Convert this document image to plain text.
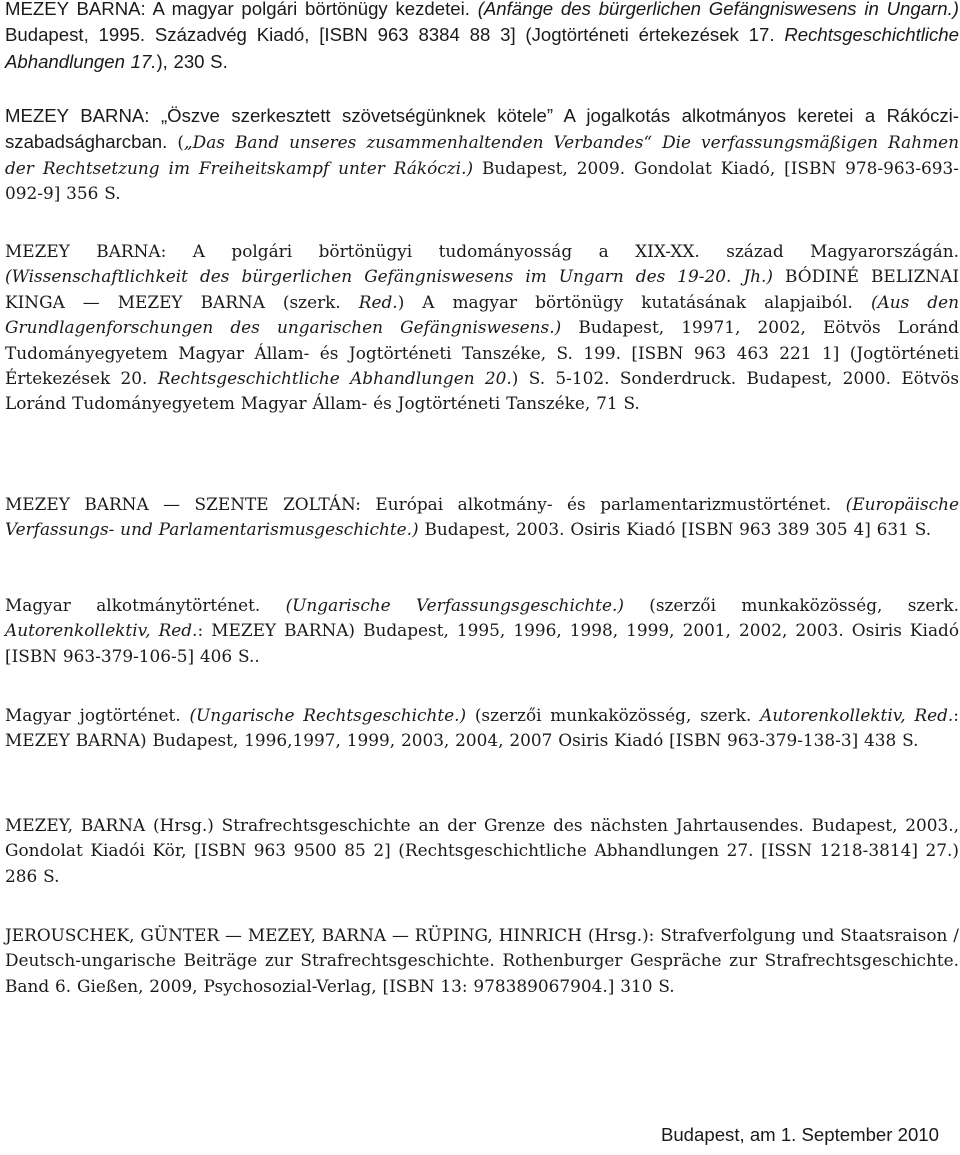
MEZEY BARNA: A magyar polgári börtönügy kezdetei. (Anfänge des bürgerlichen Gefängniswesens in Ungarn.) Budapest, 1995. Századvég Kiadó, [ISBN 963 8384 88 3] (Jogtörténeti értekezések 17. Rechtsgeschichtliche Abhandlungen 17.), 230 S.

MEZEY BARNA: „Öszve szerkesztett szövetségünknek kötele” A jogalkotás alkotmányos keretei a Rákóczi-szabadságharcban. („Das Band unseres zusammenhaltenden Verbandes“ Die verfassungsmäßigen Rahmen der Rechtsetzung im Freiheitskampf unter Rákóczi.) Budapest, 2009. Gondolat Kiadó, [ISBN 978-963-693-092-9] 356 S.

MEZEY BARNA: A polgári börtönügyi tudományosság a XIX-XX. század Magyarországán. (Wissenschaftlichkeit des bürgerlichen Gefängniswesens im Ungarn des 19-20. Jh.) BÓDINÉ BELIZNAI KINGA — MEZEY BARNA (szerk. Red.) A magyar börtönügy kutatásának alapjaiból. (Aus den Grundlagenforschungen des ungarischen Gefängniswesens.) Budapest, 19971, 2002, Eötvös Loránd Tudományegyetem Magyar Állam- és Jogtörténeti Tanszéke, S. 199. [ISBN 963 463 221 1] (Jogtörténeti Értekezések 20. Rechtsgeschichtliche Abhandlungen 20.) S. 5-102. Sonderdruck. Budapest, 2000. Eötvös Loránd Tudományegyetem Magyar Állam- és Jogtörténeti Tanszéke, 71 S.

MEZEY BARNA — SZENTE ZOLTÁN: Európai alkotmány- és parlamentarizmustörténet. (Europäische Verfassungs- und Parlamentarismusgeschichte.) Budapest, 2003. Osiris Kiadó [ISBN 963 389 305 4] 631 S.

Magyar alkotmánytörténet. (Ungarische Verfassungsgeschichte.) (szerzői munkaközösség, szerk. Autorenkollektiv, Red.: MEZEY BARNA) Budapest, 1995, 1996, 1998, 1999, 2001, 2002, 2003. Osiris Kiadó [ISBN 963-379-106-5] 406 S..

Magyar jogtörténet. (Ungarische Rechtsgeschichte.) (szerzői munkaközösség, szerk. Autorenkollektiv, Red.: MEZEY BARNA) Budapest, 1996,1997, 1999, 2003, 2004, 2007 Osiris Kiadó [ISBN 963-379-138-3] 438 S.

MEZEY, BARNA (Hrsg.) Strafrechtsgeschichte an der Grenze des nächsten Jahrtausendes. Budapest, 2003., Gondolat Kiadói Kör, [ISBN 963 9500 85 2] (Rechtsgeschichtliche Abhandlungen 27. [ISSN 1218-3814] 27.) 286 S.

JEROUSCHEK, GÜNTER — MEZEY, BARNA — RÜPING, HINRICH (Hrsg.): Strafverfolgung und Staatsraison / Deutsch-ungarische Beiträge zur Strafrechtsgeschichte. Rothenburger Gespräche zur Strafrechtsgeschichte. Band 6. Gießen, 2009, Psychosozial-Verlag, [ISBN 13: 978389067904.] 310 S.

Budapest, am 1. September 2010
